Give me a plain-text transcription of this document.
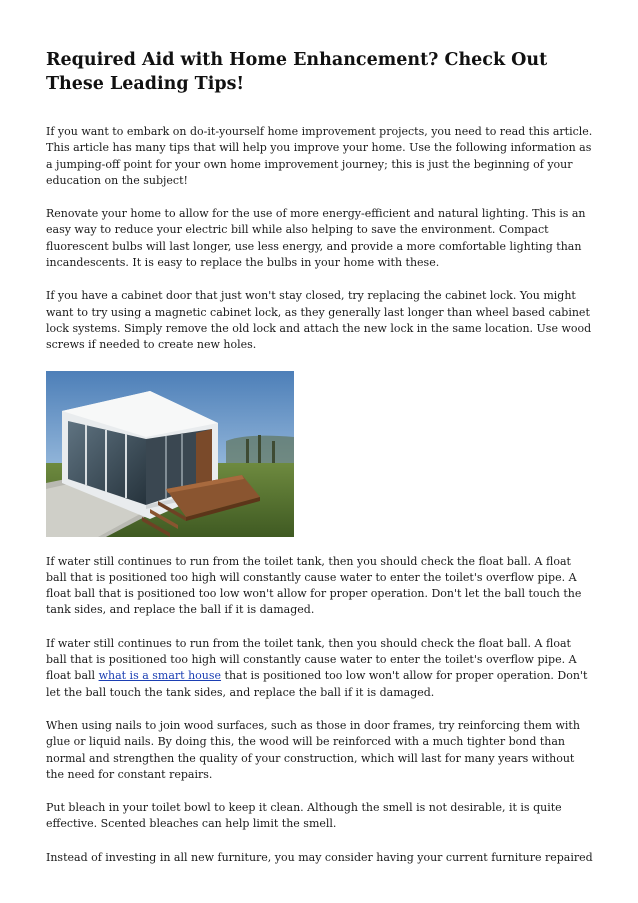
Required Aid with Home Enhancement? Check Out These Leading Tips!

If you want to embark on do-it-yourself home improvement projects, you need to read this article. This article has many tips that will help you improve your home. Use the following information as a jumping-off point for your own home improvement journey; this is just the beginning of your education on the subject!

Renovate your home to allow for the use of more energy-efficient and natural lighting. This is an easy way to reduce your electric bill while also helping to save the environment. Compact fluorescent bulbs will last longer, use less energy, and provide a more comfortable lighting than incandescents. It is easy to replace the bulbs in your home with these.

If you have a cabinet door that just won't stay closed, try replacing the cabinet lock. You might want to try using a magnetic cabinet lock, as they generally last longer than wheel based cabinet lock systems. Simply remove the old lock and attach the new lock in the same location. Use wood screws if needed to create new holes.

If water still continues to run from the toilet tank, then you should check the float ball. A float ball that is positioned too high will constantly cause water to enter the toilet's overflow pipe. A float ball that is positioned too low won't allow for proper operation. Don't let the ball touch the tank sides, and replace the ball if it is damaged.

If water still continues to run from the toilet tank, then you should check the float ball. A float ball that is positioned too high will constantly cause water to enter the toilet's overflow pipe. A float ball what is a smart house that is positioned too low won't allow for proper operation. Don't let the ball touch the tank sides, and replace the ball if it is damaged.

When using nails to join wood surfaces, such as those in door frames, try reinforcing them with glue or liquid nails. By doing this, the wood will be reinforced with a much tighter bond than normal and strengthen the quality of your construction, which will last for many years without the need for constant repairs.

Put bleach in your toilet bowl to keep it clean. Although the smell is not desirable, it is quite effective. Scented bleaches can help limit the smell.

Instead of investing in all new furniture, you may consider having your current furniture repaired
